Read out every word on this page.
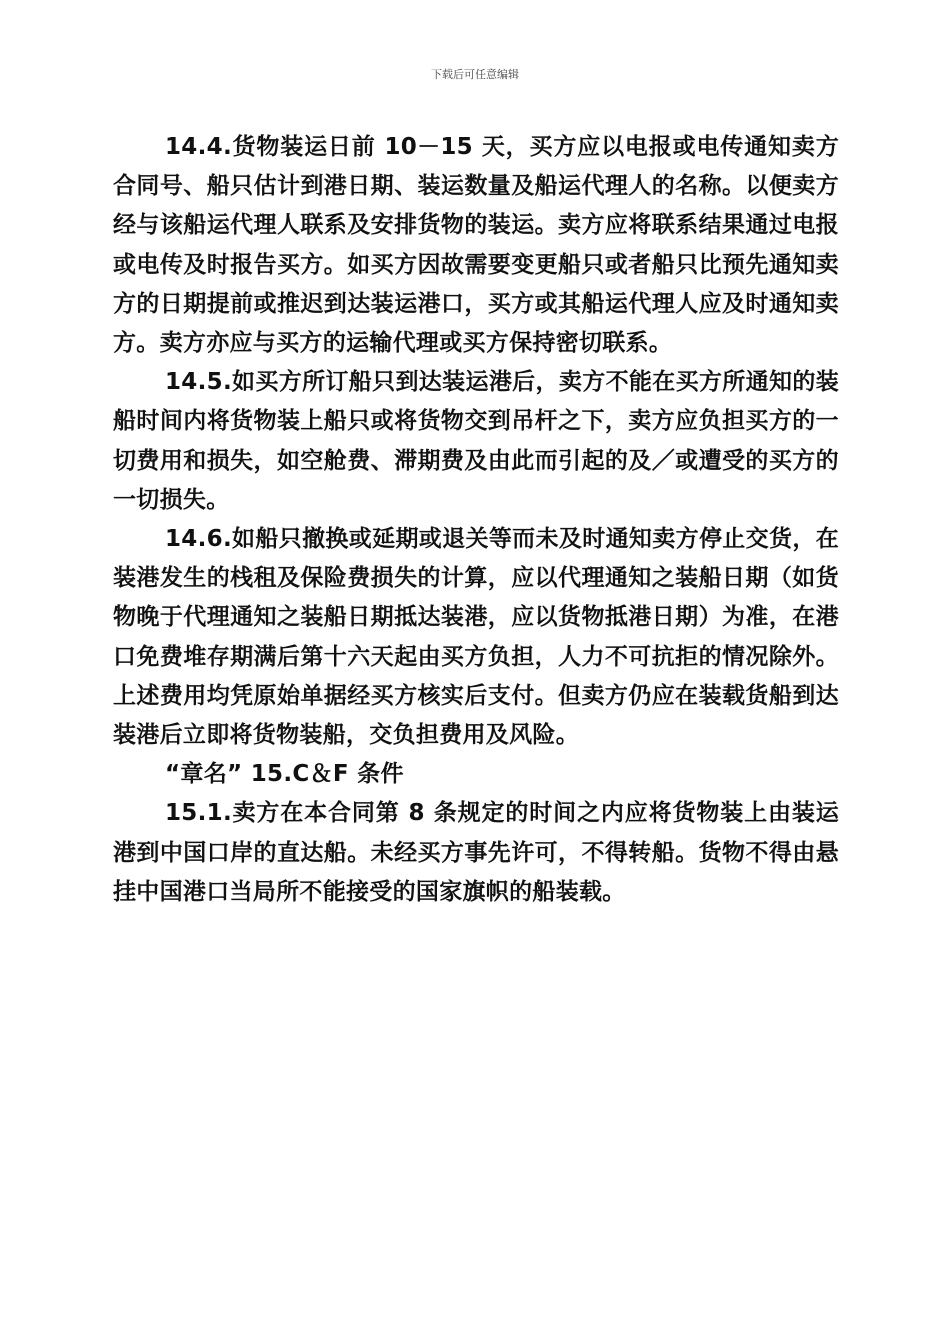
下载后可任意编辑

14.4.货物装运日前 10－15 天，买方应以电报或电传通知卖方合同号、船只估计到港日期、装运数量及船运代理人的名称。以便卖方经与该船运代理人联系及安排货物的装运。卖方应将联系结果通过电报或电传及时报告买方。如买方因故需要变更船只或者船只比预先通知卖方的日期提前或推迟到达装运港口，买方或其船运代理人应及时通知卖方。卖方亦应与买方的运输代理或买方保持密切联系。

14.5.如买方所订船只到达装运港后，卖方不能在买方所通知的装船时间内将货物装上船只或将货物交到吊杆之下，卖方应负担买方的一切费用和损失，如空舱费、滞期费及由此而引起的及／或遭受的买方的一切损失。

14.6.如船只撤换或延期或退关等而未及时通知卖方停止交货，在装港发生的栈租及保险费损失的计算，应以代理通知之装船日期（如货物晚于代理通知之装船日期抵达装港，应以货物抵港日期）为准，在港口免费堆存期满后第十六天起由买方负担，人力不可抗拒的情况除外。上述费用均凭原始单据经买方核实后支付。但卖方仍应在装载货船到达装港后立即将货物装船，交负担费用及风险。

“章名” 15.C＆F 条件

15.1.卖方在本合同第 8 条规定的时间之内应将货物装上由装运港到中国口岸的直达船。未经买方事先许可，不得转船。货物不得由悬挂中国港口当局所不能接受的国家旗帜的船装载。
